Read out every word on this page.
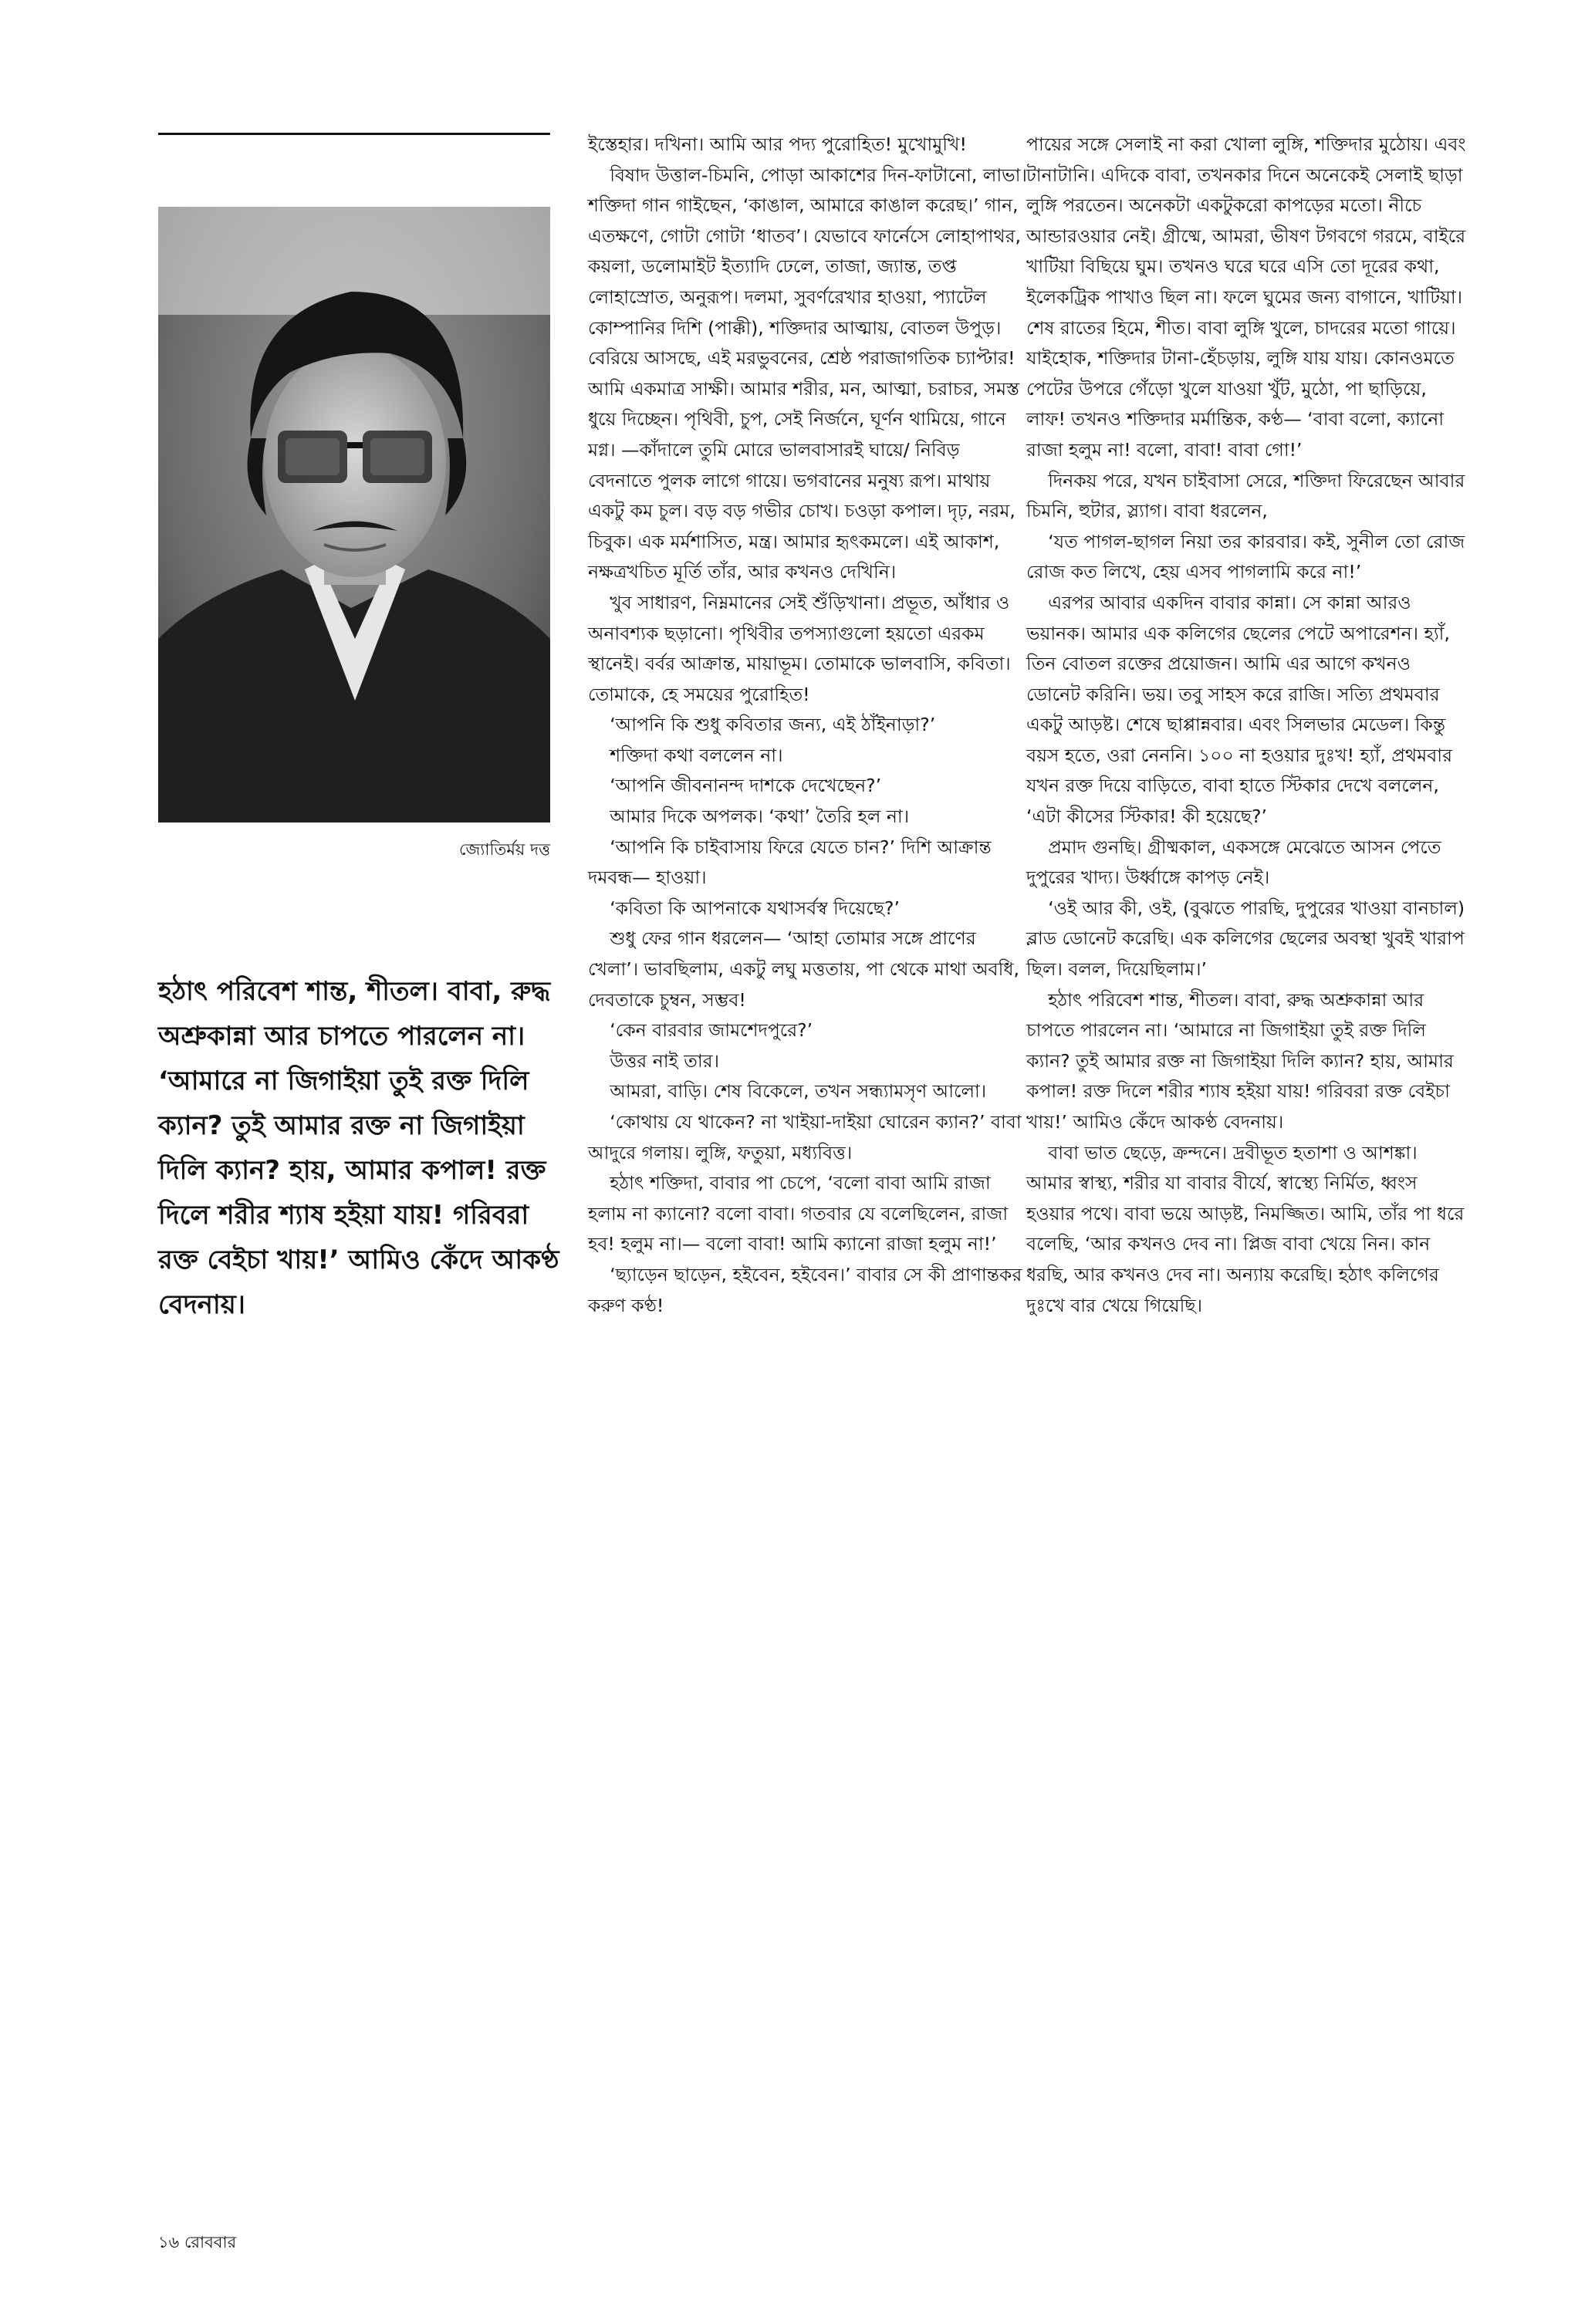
জ্যোতির্ময় দত্ত

হঠাৎ পরিবেশ শান্ত, শীতল। বাবা, রুদ্ধ অশ্রুকান্না আর চাপতে পারলেন না। ‘আমারে না জিগাইয়া তুই রক্ত দিলি ক্যান? তুই আমার রক্ত না জিগাইয়া দিলি ক্যান? হায়, আমার কপাল! রক্ত দিলে শরীর শ্যাষ হইয়া যায়! গরিবরা রক্ত বেইচা খায়!’ আমিও কেঁদে আকণ্ঠ বেদনায়।

ইস্তেহার। দখিনা। আমি আর পদ্য পুরোহিত! মুখোমুখি!

বিষাদ উত্তাল-চিমনি, পোড়া আকাশের দিন-ফাটানো, লাভা। শক্তিদা গান গাইছেন, ‘কাঙাল, আমারে কাঙাল করেছ।’ গান, এতক্ষণে, গোটা গোটা ‘ধাতব’। যেভাবে ফার্নেসে লোহাপাথর, কয়লা, ডলোমাইট ইত্যাদি ঢেলে, তাজা, জ্যান্ত, তপ্ত লোহাস্রোত, অনুরূপ। দলমা, সুবর্ণরেখার হাওয়া, প্যাটেল কোম্পানির দিশি (পাক্কী), শক্তিদার আত্মায়, বোতল উপুড়। বেরিয়ে আসছে, এই মরভুবনের, শ্রেষ্ঠ পরাজাগতিক চ্যাপ্টার! আমি একমাত্র সাক্ষী। আমার শরীর, মন, আত্মা, চরাচর, সমস্ত ধুয়ে দিচ্ছেন। পৃথিবী, চুপ, সেই নির্জনে, ঘূর্ণন থামিয়ে, গানে মগ্ন। —কাঁদালে তুমি মোরে ভালবাসারই ঘায়ে/ নিবিড় বেদনাতে পুলক লাগে গায়ে। ভগবানের মনুষ্য রূপ। মাথায় একটু কম চুল। বড় বড় গভীর চোখ। চওড়া কপাল। দৃঢ়, নরম, চিবুক। এক মর্মশাসিত, মন্ত্র। আমার হৃৎকমলে। এই আকাশ, নক্ষত্রখচিত মূর্তি তাঁর, আর কখনও দেখিনি।

খুব সাধারণ, নিম্নমানের সেই শুঁড়িখানা। প্রভূত, আঁধার ও অনাবশ্যক ছড়ানো। পৃথিবীর তপস্যাগুলো হয়তো এরকম স্থানেই। বর্বর আক্রান্ত, মায়াভূম। তোমাকে ভালবাসি, কবিতা। তোমাকে, হে সময়ের পুরোহিত!

‘আপনি কি শুধু কবিতার জন্য, এই ঠাঁইনাড়া?’

শক্তিদা কথা বললেন না।

‘আপনি জীবনানন্দ দাশকে দেখেছেন?’

আমার দিকে অপলক। ‘কথা’ তৈরি হল না।

‘আপনি কি চাইবাসায় ফিরে যেতে চান?’ দিশি আক্রান্ত দমবন্ধ— হাওয়া।

‘কবিতা কি আপনাকে যথাসর্বস্ব দিয়েছে?’

শুধু ফের গান ধরলেন— ‘আহা তোমার সঙ্গে প্রাণের খেলা’। ভাবছিলাম, একটু লঘু মত্ততায়, পা থেকে মাথা অবধি, দেবতাকে চুম্বন, সম্ভব!

‘কেন বারবার জামশেদপুরে?’

উত্তর নাই তার।

আমরা, বাড়ি। শেষ বিকেলে, তখন সন্ধ্যামসৃণ আলো।

‘কোথায় যে থাকেন? না খাইয়া-দাইয়া ঘোরেন ক্যান?’ বাবা আদুরে গলায়। লুঙ্গি, ফতুয়া, মধ্যবিত্ত।

হঠাৎ শক্তিদা, বাবার পা চেপে, ‘বলো বাবা আমি রাজা হলাম না ক্যানো? বলো বাবা। গতবার যে বলেছিলেন, রাজা হব! হলুম না।— বলো বাবা! আমি ক্যানো রাজা হলুম না!’

‘ছ্যাড়েন ছাড়েন, হইবেন, হইবেন।’ বাবার সে কী প্রাণান্তকর করুণ কণ্ঠ!

পায়ের সঙ্গে সেলাই না করা খোলা লুঙ্গি, শক্তিদার মুঠোয়। এবং টানাটানি। এদিকে বাবা, তখনকার দিনে অনেকেই সেলাই ছাড়া লুঙ্গি পরতেন। অনেকটা একটুকরো কাপড়ের মতো। নীচে আন্ডারওয়ার নেই। গ্রীষ্মে, আমরা, ভীষণ টগবগে গরমে, বাইরে খাটিয়া বিছিয়ে ঘুম। তখনও ঘরে ঘরে এসি তো দূরের কথা, ইলেকট্রিক পাখাও ছিল না। ফলে ঘুমের জন্য বাগানে, খাটিয়া। শেষ রাতের হিমে, শীত। বাবা লুঙ্গি খুলে, চাদরের মতো গায়ে। যাইহোক, শক্তিদার টানা-হেঁচড়ায়, লুঙ্গি যায় যায়। কোনওমতে পেটের উপরে গেঁড়ো খুলে যাওয়া খুঁট, মুঠো, পা ছাড়িয়ে, লাফ! তখনও শক্তিদার মর্মান্তিক, কণ্ঠ— ‘বাবা বলো, ক্যানো রাজা হলুম না! বলো, বাবা! বাবা গো!’

দিনকয় পরে, যখন চাইবাসা সেরে, শক্তিদা ফিরেছেন আবার চিমনি, হুটার, স্ল্যাগ। বাবা ধরলেন,

‘যত পাগল-ছাগল নিয়া তর কারবার। কই, সুনীল তো রোজ রোজ কত লিখে, হেয় এসব পাগলামি করে না!’

এরপর আবার একদিন বাবার কান্না। সে কান্না আরও ভয়ানক। আমার এক কলিগের ছেলের পেটে অপারেশন। হ্যাঁ, তিন বোতল রক্তের প্রয়োজন। আমি এর আগে কখনও ডোনেট করিনি। ভয়। তবু সাহস করে রাজি। সত্যি প্রথমবার একটু আড়ষ্ট। শেষে ছাপ্পান্নবার। এবং সিলভার মেডেল। কিন্তু বয়স হতে, ওরা নেননি। ১০০ না হওয়ার দুঃখ! হ্যাঁ, প্রথমবার যখন রক্ত দিয়ে বাড়িতে, বাবা হাতে স্টিকার দেখে বললেন, ‘এটা কীসের স্টিকার! কী হয়েছে?’

প্রমাদ গুনছি। গ্রীষ্মকাল, একসঙ্গে মেঝেতে আসন পেতে দুপুরের খাদ্য। উর্ধ্বাঙ্গে কাপড় নেই।

‘ওই আর কী, ওই, (বুঝতে পারছি, দুপুরের খাওয়া বানচাল) ব্লাড ডোনেট করেছি। এক কলিগের ছেলের অবস্থা খুবই খারাপ ছিল। বলল, দিয়েছিলাম।’

হঠাৎ পরিবেশ শান্ত, শীতল। বাবা, রুদ্ধ অশ্রুকান্না আর চাপতে পারলেন না। ‘আমারে না জিগাইয়া তুই রক্ত দিলি ক্যান? তুই আমার রক্ত না জিগাইয়া দিলি ক্যান? হায়, আমার কপাল! রক্ত দিলে শরীর শ্যাষ হইয়া যায়! গরিবরা রক্ত বেইচা খায়!’ আমিও কেঁদে আকণ্ঠ বেদনায়।

বাবা ভাত ছেড়ে, ক্রন্দনে। দ্রবীভূত হতাশা ও আশঙ্কা। আমার স্বাস্থ্য, শরীর যা বাবার বীর্যে, স্বাস্থ্যে নির্মিত, ধ্বংস হওয়ার পথে। বাবা ভয়ে আড়ষ্ট, নিমজ্জিত। আমি, তাঁর পা ধরে বলেছি, ‘আর কখনও দেব না। প্লিজ বাবা খেয়ে নিন। কান ধরছি, আর কখনও দেব না। অন্যায় করেছি। হঠাৎ কলিগের দুঃখে বার খেয়ে গিয়েছি।

১৬ রোববার
